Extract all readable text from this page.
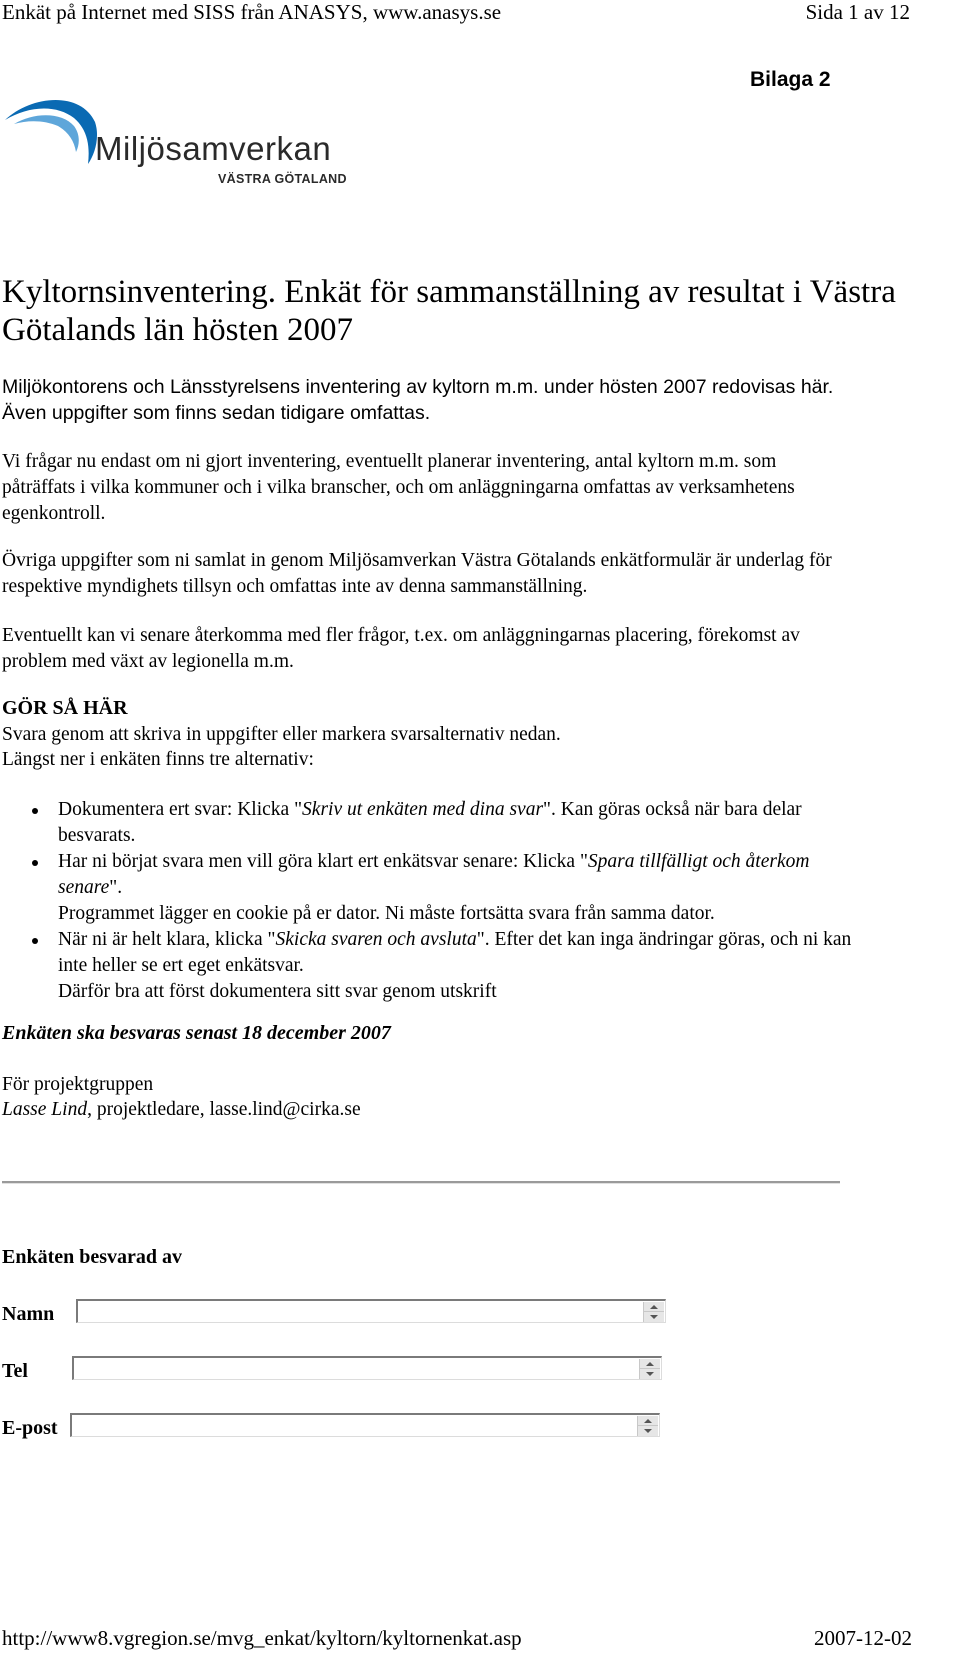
Enkät på Internet med SISS från ANASYS, www.anasys.se	Sida 1 av 12
Bilaga 2
Miljösamverkan
VÄSTRA GÖTALAND
Kyltornsinventering. Enkät för sammanställning av resultat i Västra Götalands län hösten 2007

Miljökontorens och Länsstyrelsens inventering av kyltorn m.m. under hösten 2007 redovisas här. Även uppgifter som finns sedan tidigare omfattas.

Vi frågar nu endast om ni gjort inventering, eventuellt planerar inventering, antal kyltorn m.m. som påträffats i vilka kommuner och i vilka branscher, och om anläggningarna omfattas av verksamhetens egenkontroll.

Övriga uppgifter som ni samlat in genom Miljösamverkan Västra Götalands enkätformulär är underlag för respektive myndighets tillsyn och omfattas inte av denna sammanställning.

Eventuellt kan vi senare återkomma med fler frågor, t.ex. om anläggningarnas placering, förekomst av problem med växt av legionella m.m.

GÖR SÅ HÄR
Svara genom att skriva in uppgifter eller markera svarsalternativ nedan.
Längst ner i enkäten finns tre alternativ:
Dokumentera ert svar: Klicka "Skriv ut enkäten med dina svar". Kan göras också när bara delar besvarats.
Har ni börjat svara men vill göra klart ert enkätsvar senare: Klicka "Spara tillfälligt och återkom senare".
Programmet lägger en cookie på er dator. Ni måste fortsätta svara från samma dator.
När ni är helt klara, klicka "Skicka svaren och avsluta". Efter det kan inga ändringar göras, och ni kan inte heller se ert eget enkätsvar.
Därför bra att först dokumentera sitt svar genom utskrift
Enkäten ska besvaras senast 18 december 2007
För projektgruppen
Lasse Lind, projektledare, lasse.lind@cirka.se
Enkäten besvarad av
Namn
Tel
E-post
http://www8.vgregion.se/mvg_enkat/kyltorn/kyltornenkat.asp	2007-12-02
